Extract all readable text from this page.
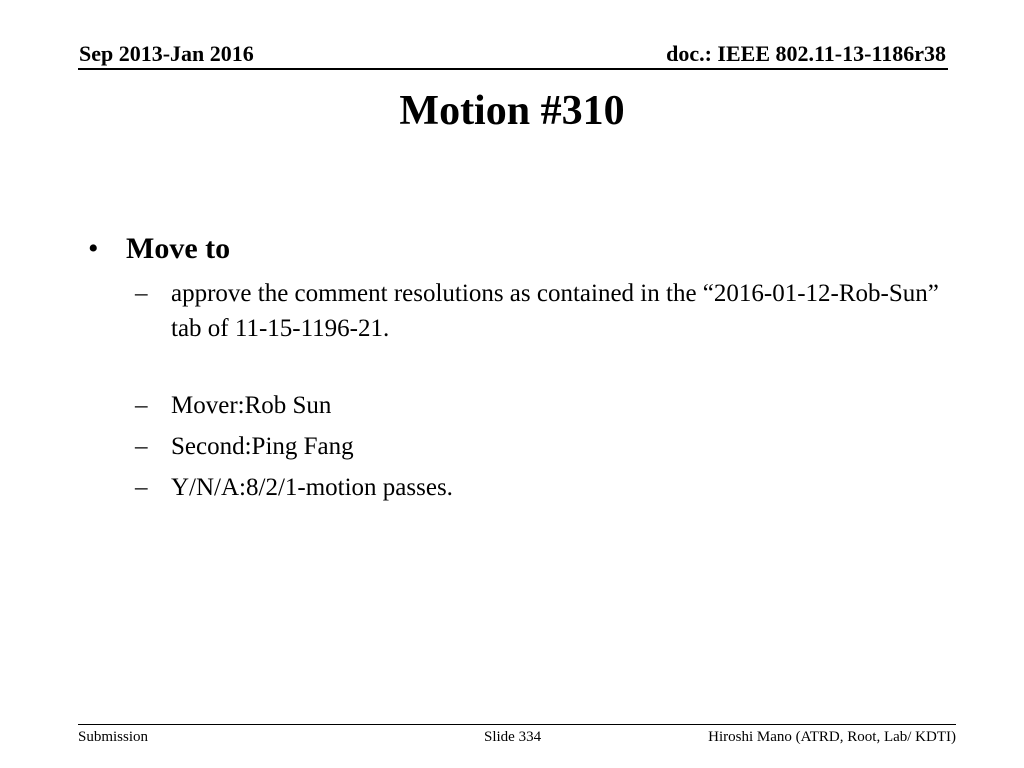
Sep 2013-Jan 2016	doc.: IEEE 802.11-13-1186r38
Motion #310
• Move to
– approve the comment resolutions as contained in the “2016-01-12-Rob-Sun” tab of 11-15-1196-21.
– Mover:Rob Sun
– Second:Ping Fang
– Y/N/A:8/2/1-motion passes.
Submission	Slide 334	Hiroshi Mano (ATRD, Root, Lab/ KDTI)
